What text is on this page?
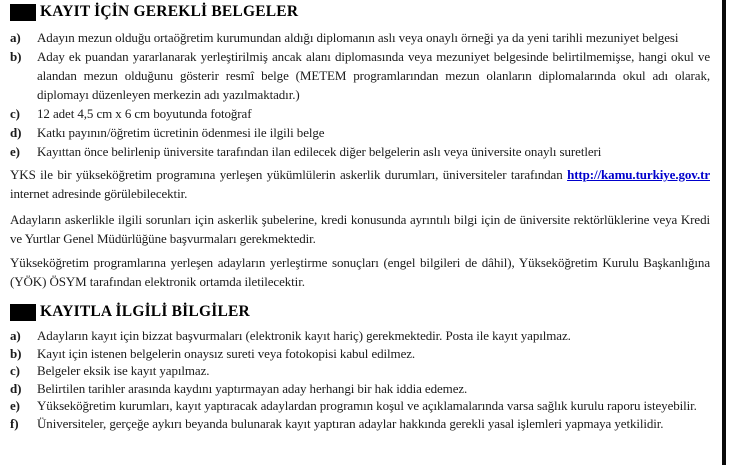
KAYIT İÇİN GEREKLİ BELGELER
a)	Adayın mezun olduğu ortaöğretim kurumundan aldığı diplomanın aslı veya onaylı örneği ya da yeni tarihli mezuniyet belgesi
b)	Aday ek puandan yararlanarak yerleştirilmiş ancak alanı diplomasında veya mezuniyet belgesinde belirtilmemişse, hangi okul ve alandan mezun olduğunu gösterir resmî belge (METEM programlarından mezun olanların diplomalarında okul adı olarak, diplomayı düzenleyen merkezin adı yazılmaktadır.)
c)	12 adet 4,5 cm x 6 cm boyutunda fotoğraf
d)	Katkı payının/öğretim ücretinin ödenmesi ile ilgili belge
e)	Kayıttan önce belirlenip üniversite tarafından ilan edilecek diğer belgelerin aslı veya üniversite onaylı suretleri

YKS ile bir yükseköğretim programına yerleşen yükümlülerin askerlik durumları, üniversiteler tarafından http://kamu.turkiye.gov.tr internet adresinde görülebilecektir.

Adayların askerlikle ilgili sorunları için askerlik şubelerine, kredi konusunda ayrıntılı bilgi için de üniversite rektörlüklerine veya Kredi ve Yurtlar Genel Müdürlüğüne başvurmaları gerekmektedir.

Yükseköğretim programlarına yerleşen adayların yerleştirme sonuçları (engel bilgileri de dâhil), Yükseköğretim Kurulu Başkanlığına (YÖK) ÖSYM tarafından elektronik ortamda iletilecektir.

KAYITLA İLGİLİ BİLGİLER
a)	Adayların kayıt için bizzat başvurmaları (elektronik kayıt hariç) gerekmektedir. Posta ile kayıt yapılmaz.
b)	Kayıt için istenen belgelerin onaysız sureti veya fotokopisi kabul edilmez.
c)	Belgeler eksik ise kayıt yapılmaz.
d)	Belirtilen tarihler arasında kaydını yaptırmayan aday herhangi bir hak iddia edemez.
e)	Yükseköğretim kurumları, kayıt yaptıracak adaylardan programın koşul ve açıklamalarında varsa sağlık kurulu raporu isteyebilir.
f)	Üniversiteler, gerçeğe aykırı beyanda bulunarak kayıt yaptıran adaylar hakkında gerekli yasal işlemleri yapmaya yetkilidir.
